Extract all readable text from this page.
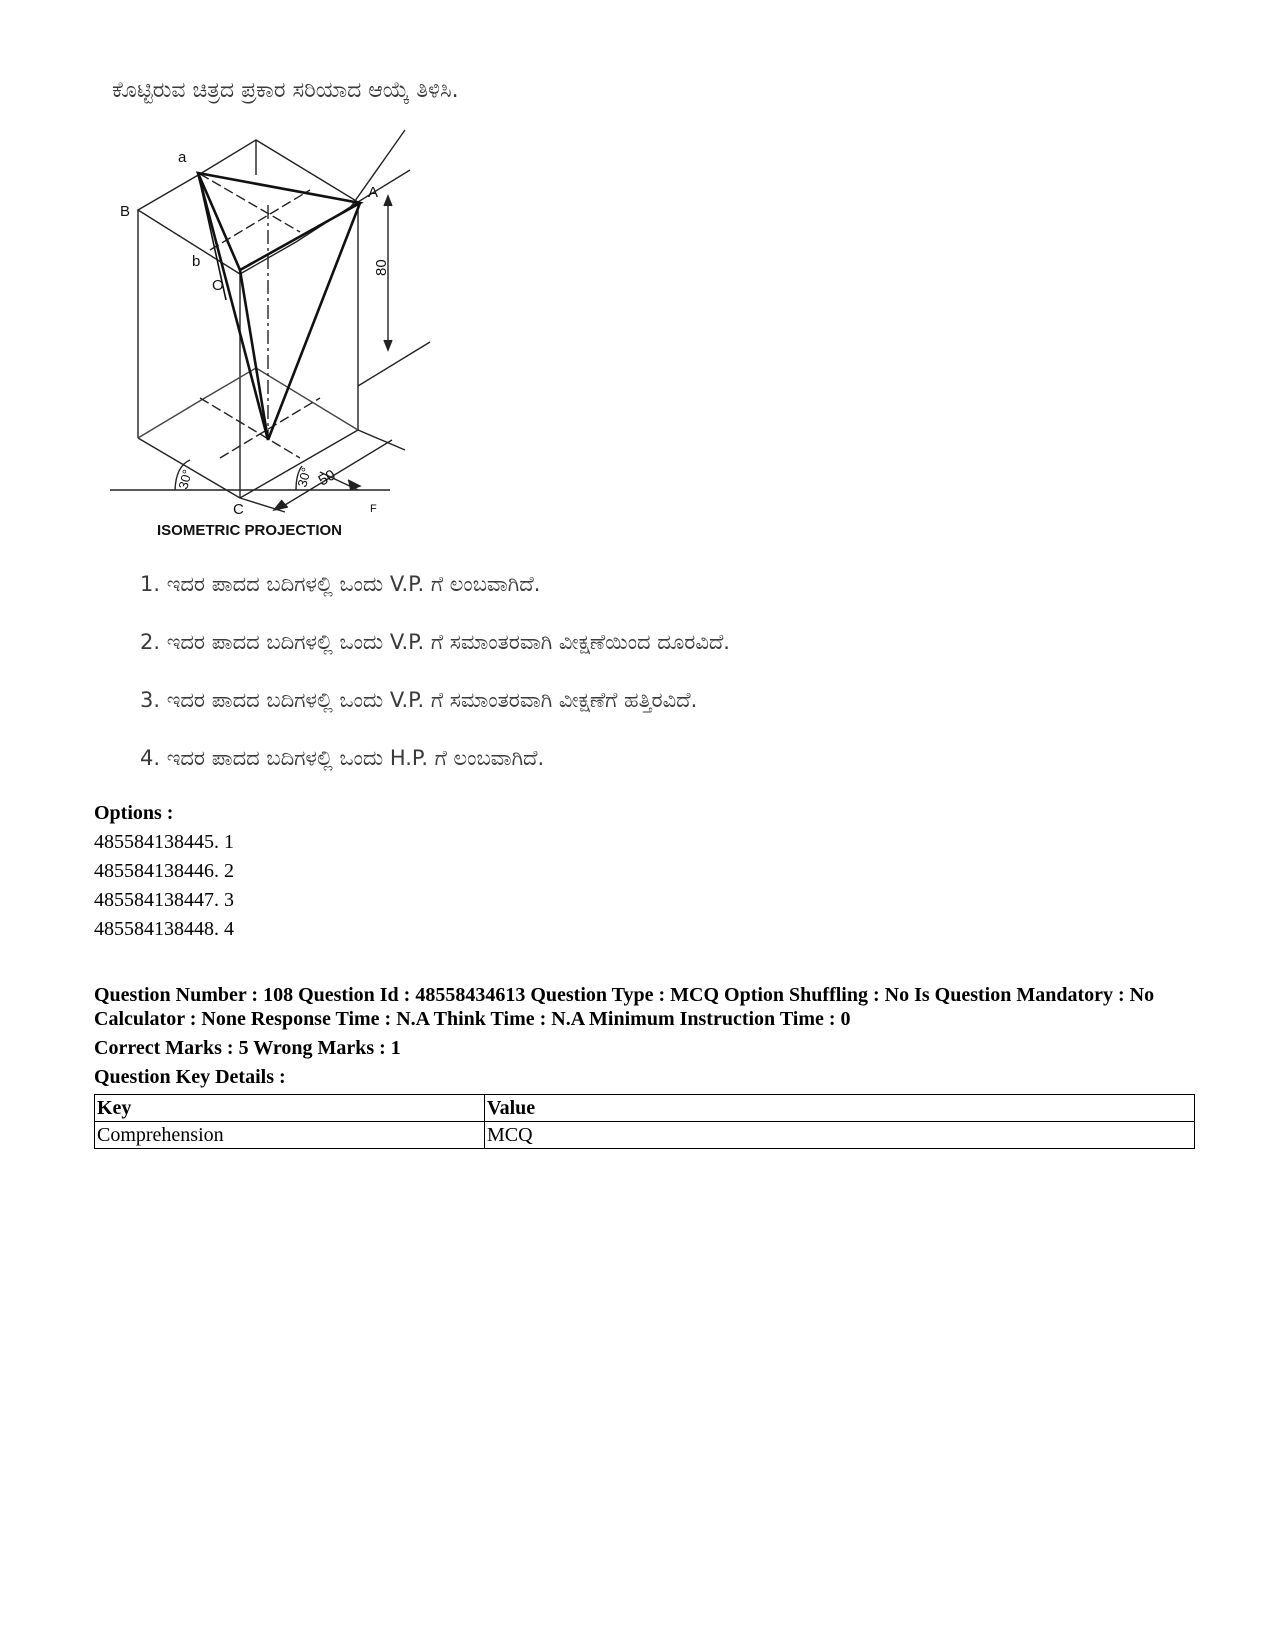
ಕೊಟ್ಟಿರುವ ಚಿತ್ರದ ಪ್ರಕಾರ ಸರಿಯಾದ ಆಯ್ಕೆ ತಿಳಿಸಿ.
a
A
B
b
O
C	F
80
50
30°	30°
ISOMETRIC PROJECTION
1. ಇದರ ಪಾದದ ಬದಿಗಳಲ್ಲಿ ಒಂದು V.P. ಗೆ ಲಂಬವಾಗಿದೆ.
2. ಇದರ ಪಾದದ ಬದಿಗಳಲ್ಲಿ ಒಂದು V.P. ಗೆ ಸಮಾಂತರವಾಗಿ ವೀಕ್ಷಣೆಯಿಂದ ದೂರವಿದೆ.
3. ಇದರ ಪಾದದ ಬದಿಗಳಲ್ಲಿ ಒಂದು V.P. ಗೆ ಸಮಾಂತರವಾಗಿ ವೀಕ್ಷಣೆಗೆ ಹತ್ತಿರವಿದೆ.
4. ಇದರ ಪಾದದ ಬದಿಗಳಲ್ಲಿ ಒಂದು H.P. ಗೆ ಲಂಬವಾಗಿದೆ.
Options :
485584138445. 1
485584138446. 2
485584138447. 3
485584138448. 4

Question Number : 108 Question Id : 48558434613 Question Type : MCQ Option Shuffling : No Is Question Mandatory : No Calculator : None Response Time : N.A Think Time : N.A Minimum Instruction Time : 0

Correct Marks : 5 Wrong Marks : 1

Question Key Details :

Key	Value
Comprehension	MCQ
